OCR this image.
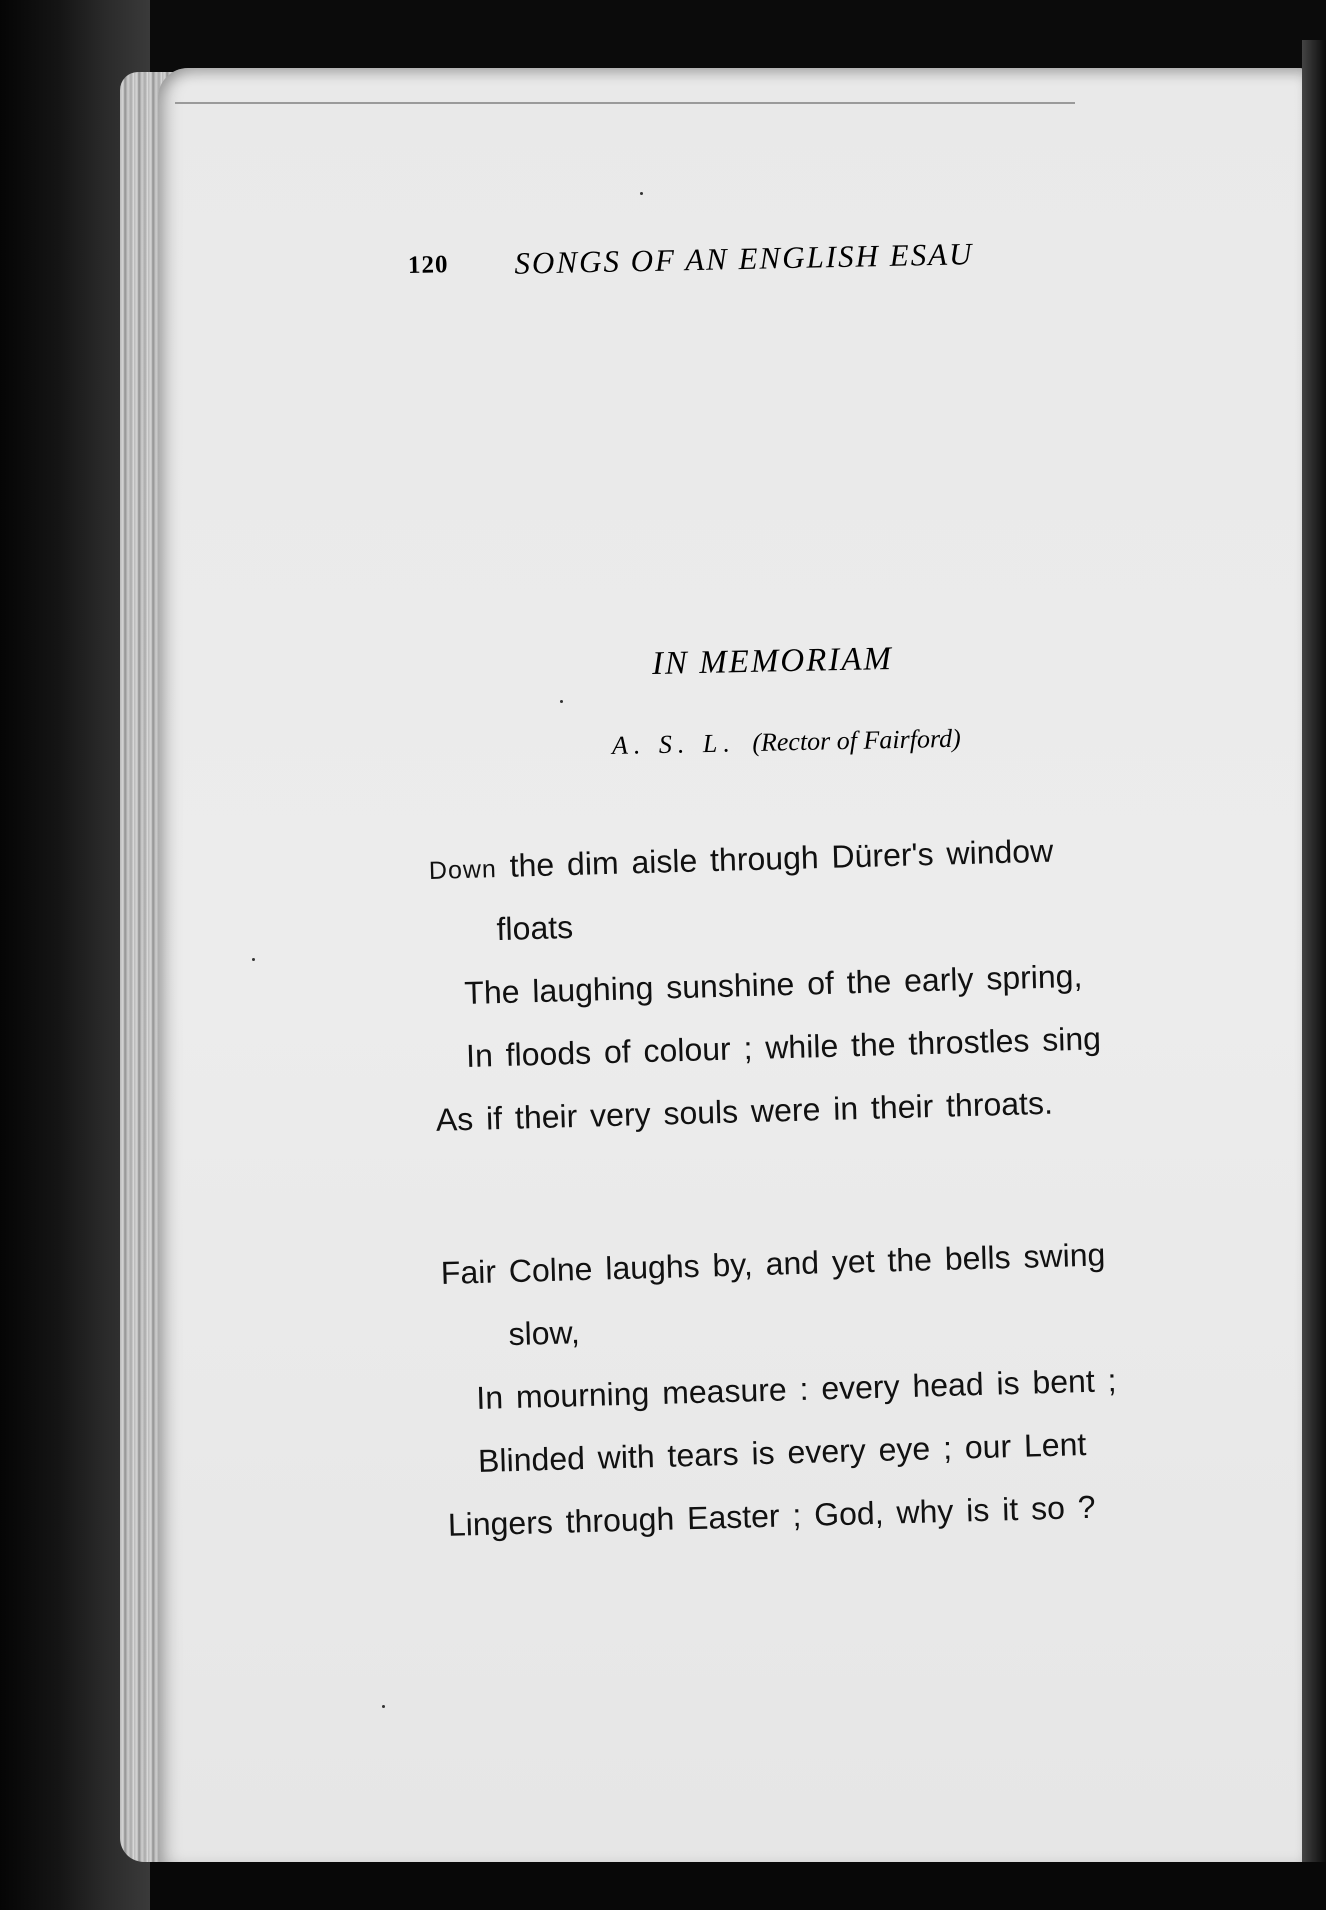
120 SONGS OF AN ENGLISH ESAU
IN MEMORIAM
A. S. L. (Rector of Fairford)
Down the dim aisle through Dürer's window
floats
The laughing sunshine of the early spring,
In floods of colour ; while the throstles sing
As if their very souls were in their throats.
Fair Colne laughs by, and yet the bells swing
slow,
In mourning measure : every head is bent ;
Blinded with tears is every eye ; our Lent
Lingers through Easter ; God, why is it so ?
